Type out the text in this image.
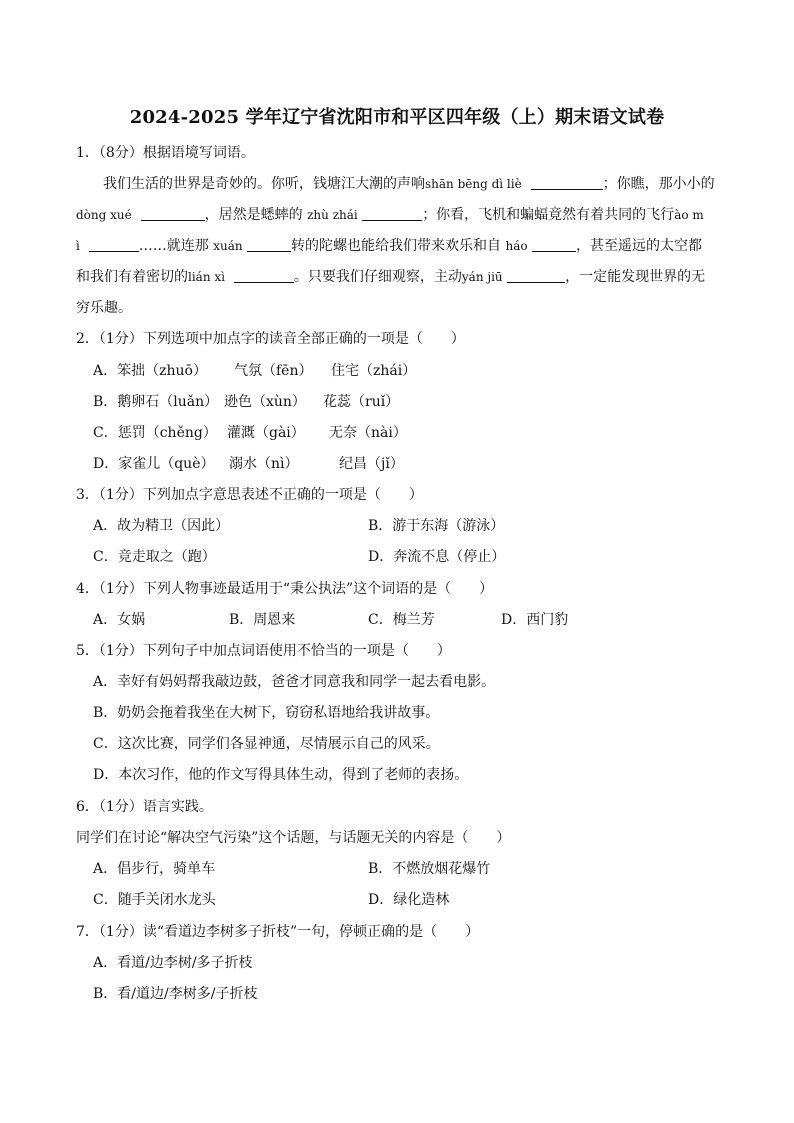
2024-2025 学年辽宁省沈阳市和平区四年级（上）期末语文试卷
1．（8分）根据语境写词语。
我们生活的世界是奇妙的。你听，钱塘江大潮的声响shān bēng dì liè	；你瞧，那小小的
dòng xué	，居然是蟋蟀的 zhù zhái	；你看，飞机和蝙蝠竟然有着共同的飞行ào m
ì	……就连那 xuán	转的陀螺也能给我们带来欢乐和自 háo	，甚至遥远的太空都
和我们有着密切的lián xì	。只要我们仔细观察，主动yán jiū	，一定能发现世界的无
穷乐趣。
2．（1分）下列选项中加点字的读音全部正确的一项是（　　）
A．笨拙（zhuō） 气氛（fēn） 住宅（zhái）
B．鹅卵石（luǎn） 逊色（xùn） 花蕊（ruǐ）
C．惩罚（chěng） 灌溉（gài） 无奈（nài）
D．家雀儿（què） 溺水（nì）	纪昌（jǐ）
3．（1分）下列加点字意思表述不正确的一项是（　　）
A．故为精卫（因此）	B．游于东海（游泳）
C．竞走取之（跑）	D．奔流不息（停止）
4．（1分）下列人物事迹最适用于“秉公执法”这个词语的是（　　）
A．女娲	B．周恩来	C．梅兰芳	D．西门豹
5．（1分）下列句子中加点词语使用不恰当的一项是（　　）
A．幸好有妈妈帮我敲边鼓，爸爸才同意我和同学一起去看电影。
B．奶奶会拖着我坐在大树下，窃窃私语地给我讲故事。
C．这次比赛，同学们各显神通，尽情展示自己的风采。
D．本次习作，他的作文写得具体生动，得到了老师的表扬。
6．（1分）语言实践。
同学们在讨论“解决空气污染”这个话题，与话题无关的内容是（　　）
A．倡步行，骑单车	B．不燃放烟花爆竹
C．随手关闭水龙头	D．绿化造林
7．（1分）读“看道边李树多子折枝”一句，停顿正确的是（　　）
A．看道/边李树/多子折枝
B．看/道边/李树多/子折枝
